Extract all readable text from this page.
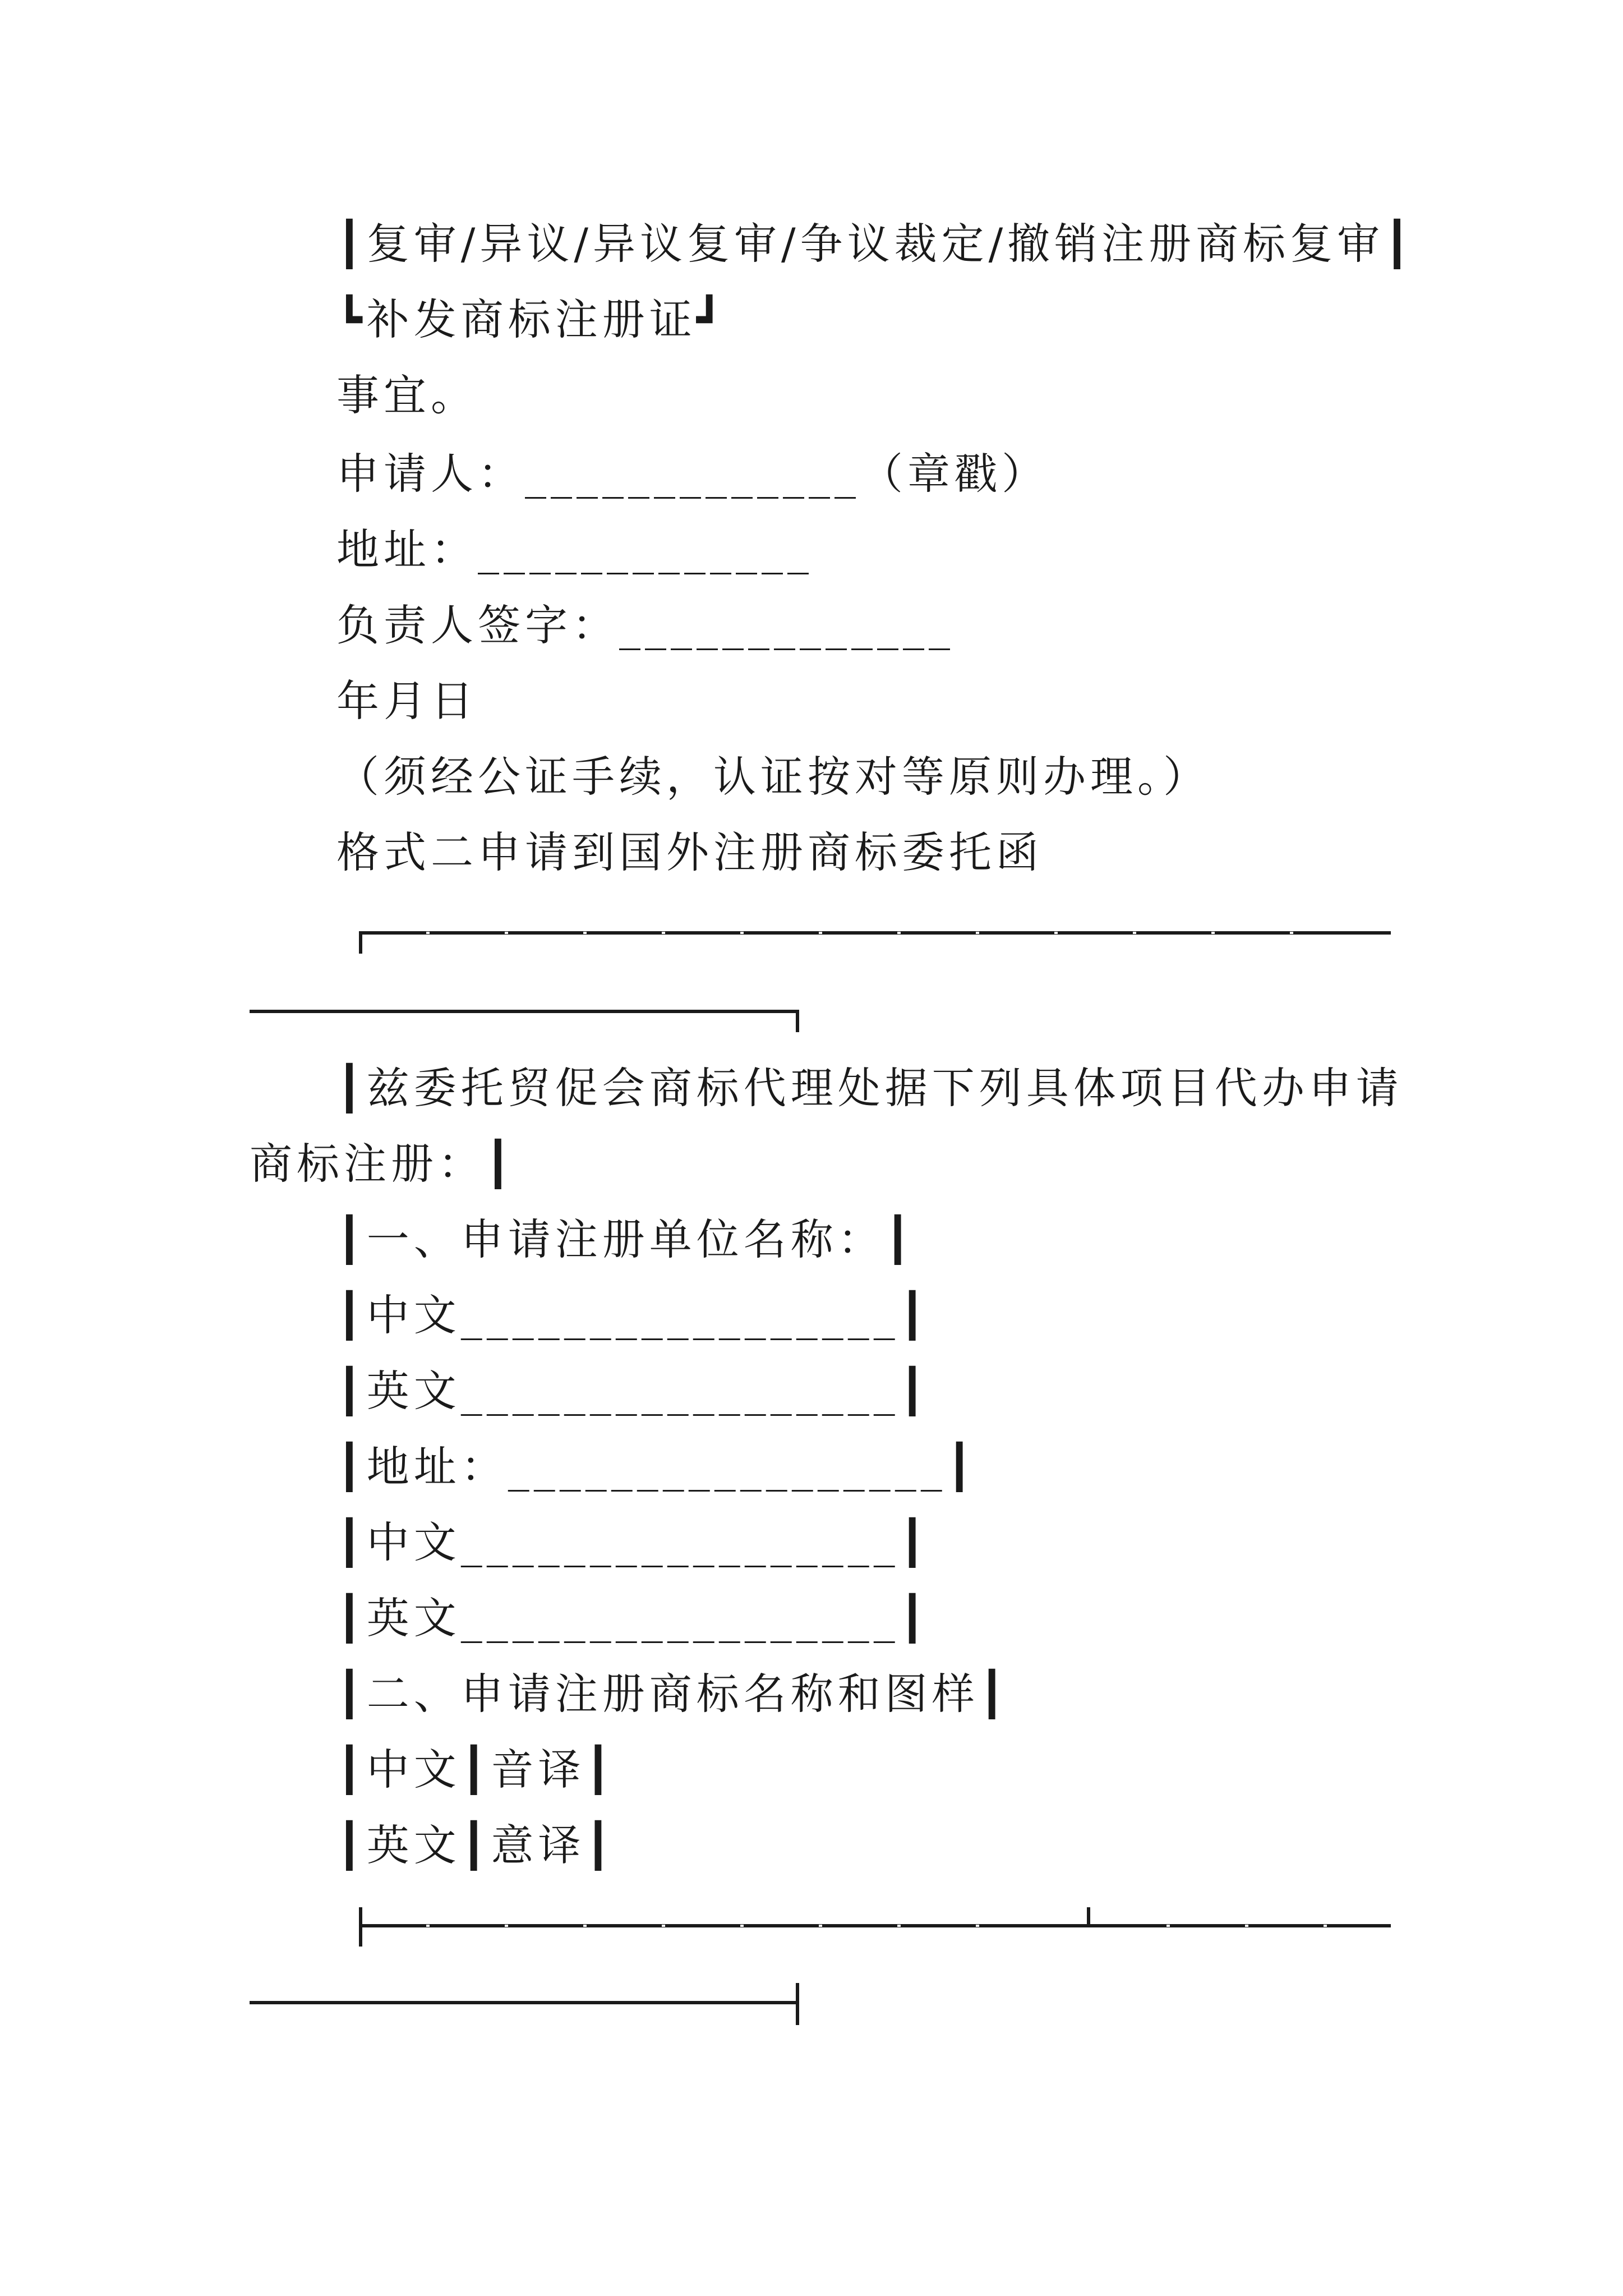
┃复审/异议/异议复审/争议裁定/撤销注册商标复审┃
┗补发商标注册证┛
事宜。
申请人：_____________（章戳）
地址：_____________
负责人签字：_____________
年月日
（须经公证手续，认证按对等原则办理。）
格式二申请到国外注册商标委托函
┃兹委托贸促会商标代理处据下列具体项目代办申请
商标注册：┃
┃一、申请注册单位名称：┃
┃中文_________________┃
┃英文_________________┃
┃地址：_________________┃
┃中文_________________┃
┃英文_________________┃
┃二、申请注册商标名称和图样┃
┃中文┃音译┃
┃英文┃意译┃
